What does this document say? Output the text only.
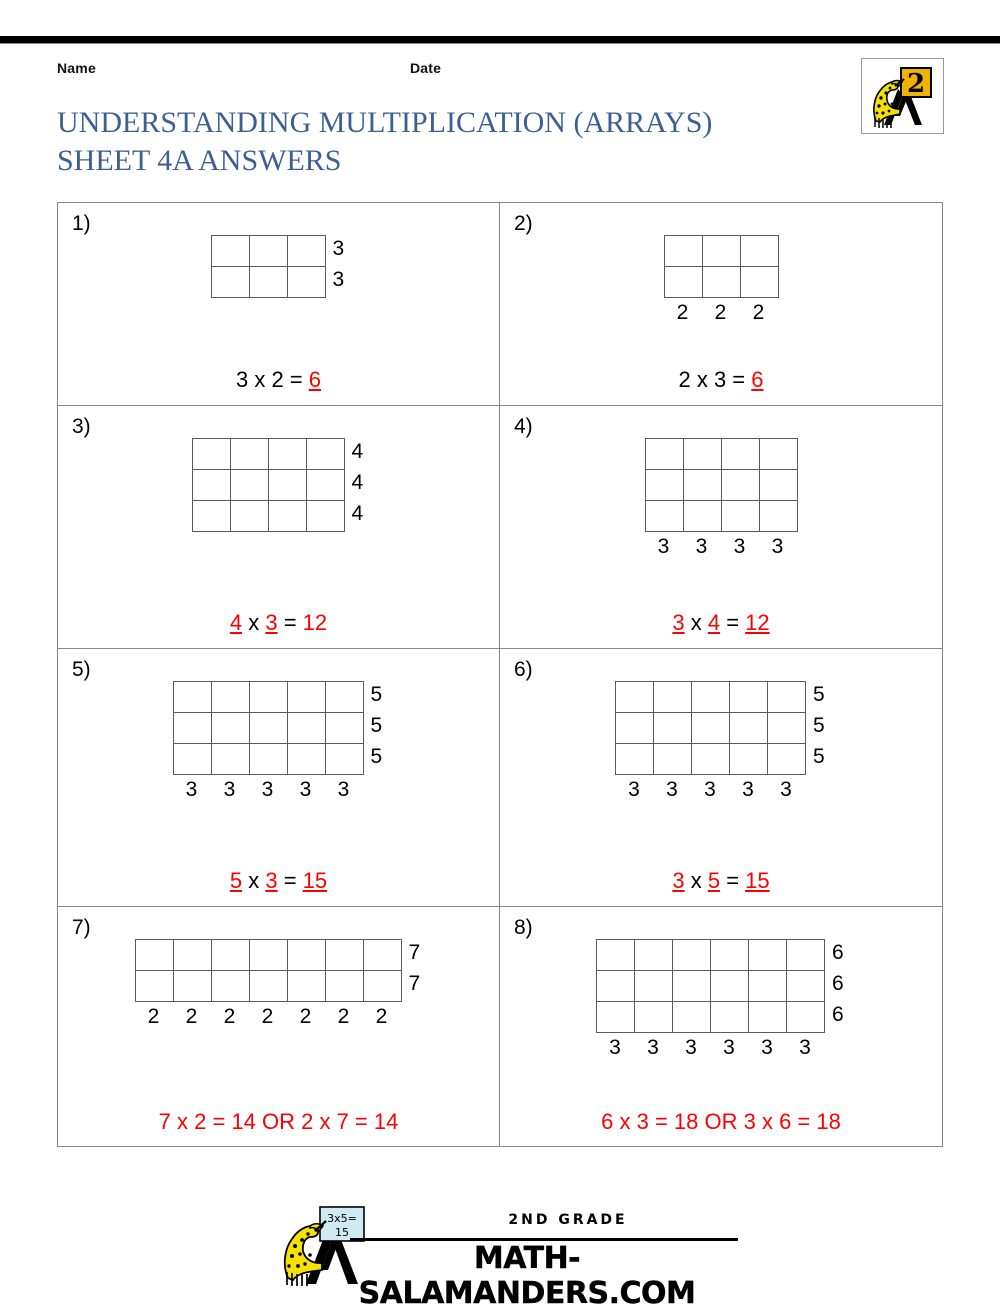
Name	Date
UNDERSTANDING MULTIPLICATION (ARRAYS)
SHEET 4A ANSWERS
2
1)
3
3
3 x 2 = 6
2)
2	2	2
2 x 3 = 6
3)
4
4
4
4 x 3 = 12
4)
3	3	3	3
3 x 4 = 12
5)
5
5
5
3	3	3	3	3
5 x 3 = 15
6)
5
5
5
3	3	3	3	3
3 x 5 = 15
7)
7
7
2	2	2	2	2	2	2
7 x 2 = 14 OR 2 x 7 = 14
8)
6
6
6
3	3	3	3	3	3
6 x 3 = 18 OR 3 x 6 = 18
3x5=
15
2ND GRADE
MATH-SALAMANDERS.COM
